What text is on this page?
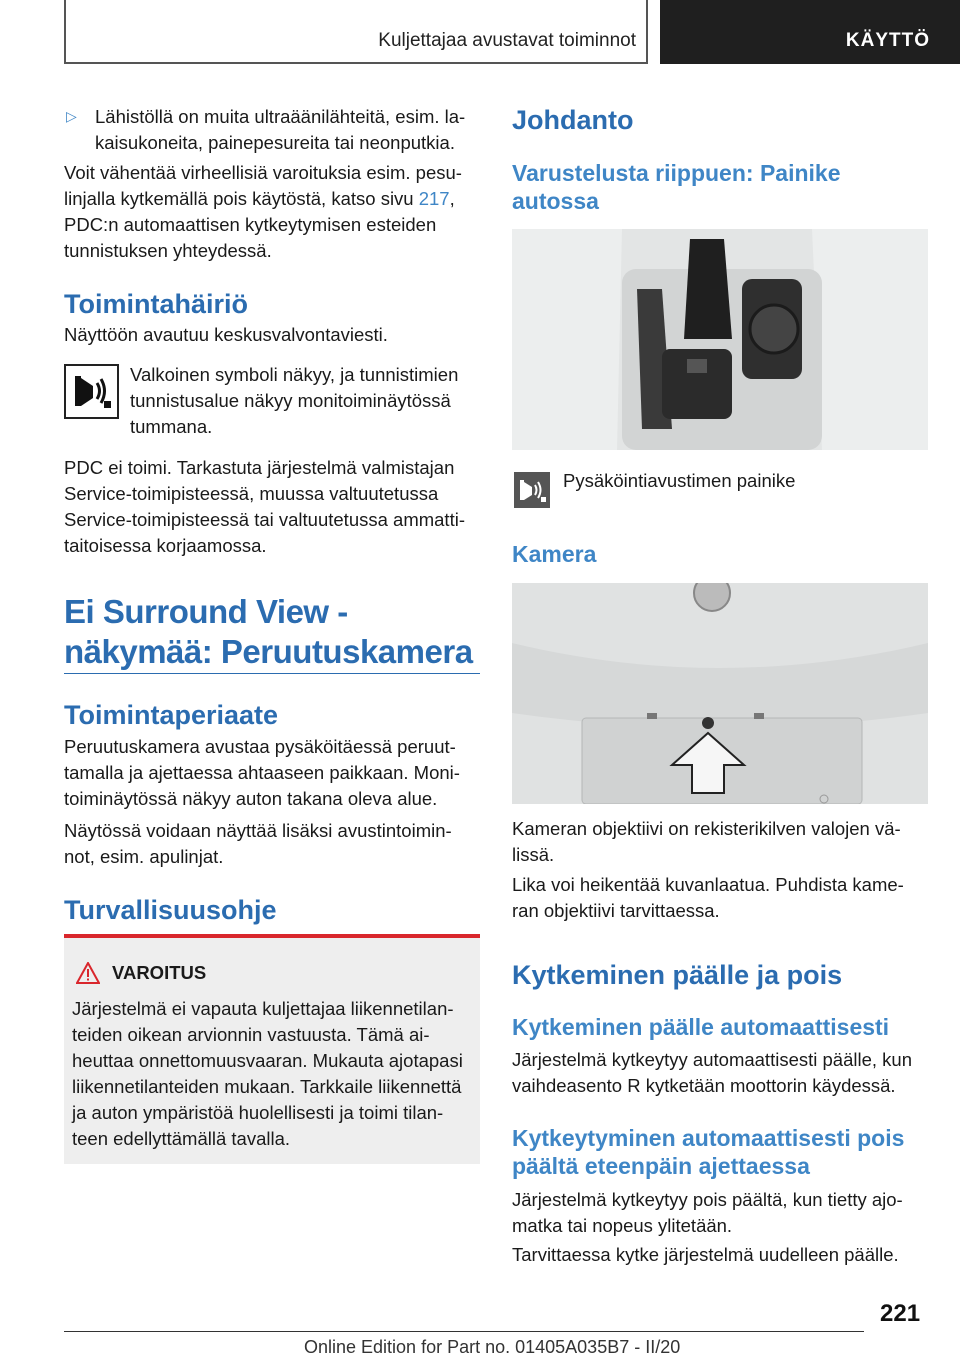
Kuljettajaa avustavat toiminnot	KÄYTTÖ
▷ Lähistöllä on muita ultraäänilähteitä, esim. la-

kaisukoneita, painepesureita tai neonputkia.

Voit vähentää virheellisiä varoituksia esim. pesu-

linjalla kytkemällä pois käytöstä, katso sivu 217,

PDC:n automaattisen kytkeytymisen esteiden

tunnistuksen yhteydessä.

Toimintahäiriö

Näyttöön avautuu keskusvalvontaviesti.

Valkoinen symboli näkyy, ja tunnistimien

tunnistusalue näkyy monitoiminäytössä

tummana.

PDC ei toimi. Tarkastuta järjestelmä valmistajan

Service-toimipisteessä, muussa valtuutetussa

Service-toimipisteessä tai valtuutetussa ammatti-

taitoisessa korjaamossa.

Ei Surround View -
näkymää: Peruutuskamera
Toimintaperiaate

Peruutuskamera avustaa pysäköitäessä peruut-

tamalla ja ajettaessa ahtaaseen paikkaan. Moni-

toiminäytössä näkyy auton takana oleva alue.

Näytössä voidaan näyttää lisäksi avustintoimin-

not, esim. apulinjat.

Turvallisuusohje
VAROITUS

Järjestelmä ei vapauta kuljettajaa liikennetilan-

teiden oikean arvionnin vastuusta. Tämä ai-

heuttaa onnettomuusvaaran. Mukauta ajotapasi

liikennetilanteiden mukaan. Tarkkaile liikennettä

ja auton ympäristöä huolellisesti ja toimi tilan-

teen edellyttämällä tavalla.

Johdanto
Varustelusta riippuen: Painike
autossa

Pysäköintiavustimen painike

Kamera

Kameran objektiivi on rekisterikilven valojen vä-

lissä.

Lika voi heikentää kuvanlaatua. Puhdista kame-

ran objektiivi tarvittaessa.

Kytkeminen päälle ja pois
Kytkeminen päälle automaattisesti

Järjestelmä kytkeytyy automaattisesti päälle, kun

vaihdeasento R kytketään moottorin käydessä.

Kytkeytyminen automaattisesti pois
päältä eteenpäin ajettaessa

Järjestelmä kytkeytyy pois päältä, kun tietty ajo-

matka tai nopeus ylitetään.

Tarvittaessa kytke järjestelmä uudelleen päälle.

221
Online Edition for Part no. 01405A035B7 - II/20
